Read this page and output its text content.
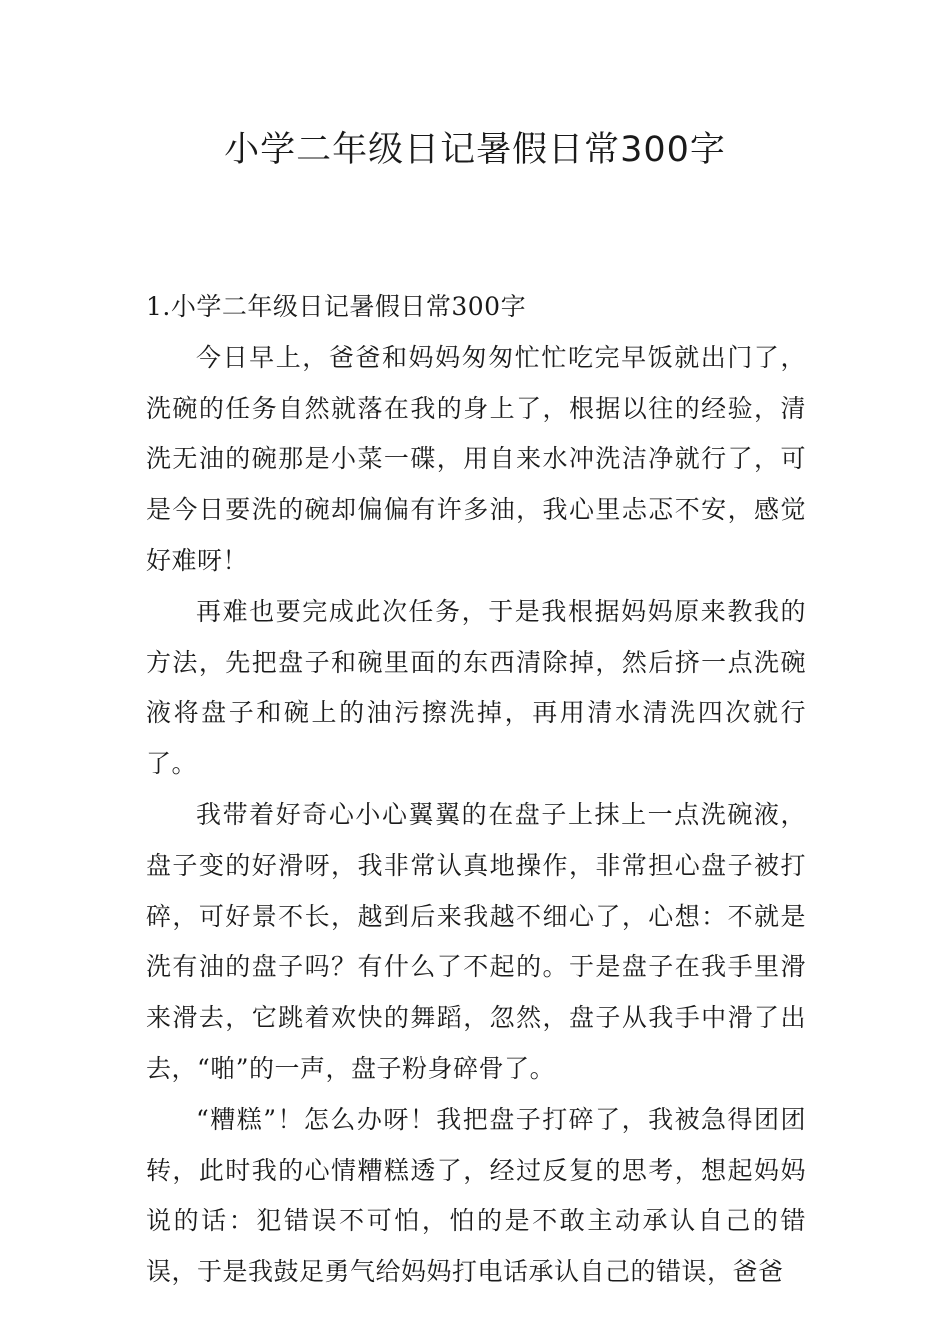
小学二年级日记暑假日常300字
1.小学二年级日记暑假日常300字

今日早上，爸爸和妈妈匆匆忙忙吃完早饭就出门了，洗碗的任务自然就落在我的身上了，根据以往的经验，清洗无油的碗那是小菜一碟，用自来水冲洗洁净就行了，可是今日要洗的碗却偏偏有许多油，我心里忐忑不安，感觉好难呀！

再难也要完成此次任务，于是我根据妈妈原来教我的方法，先把盘子和碗里面的东西清除掉，然后挤一点洗碗液将盘子和碗上的油污擦洗掉，再用清水清洗四次就行了。

我带着好奇心小心翼翼的在盘子上抹上一点洗碗液，盘子变的好滑呀，我非常认真地操作，非常担心盘子被打碎，可好景不长，越到后来我越不细心了，心想：不就是洗有油的盘子吗？有什么了不起的。于是盘子在我手里滑来滑去，它跳着欢快的舞蹈，忽然，盘子从我手中滑了出去，“啪”的一声，盘子粉身碎骨了。

“糟糕”！怎么办呀！我把盘子打碎了，我被急得团团转，此时我的心情糟糕透了，经过反复的思考，想起妈妈说的话：犯错误不可怕，怕的是不敢主动承认自己的错误，于是我鼓足勇气给妈妈打电话承认自己的错误，爸爸
